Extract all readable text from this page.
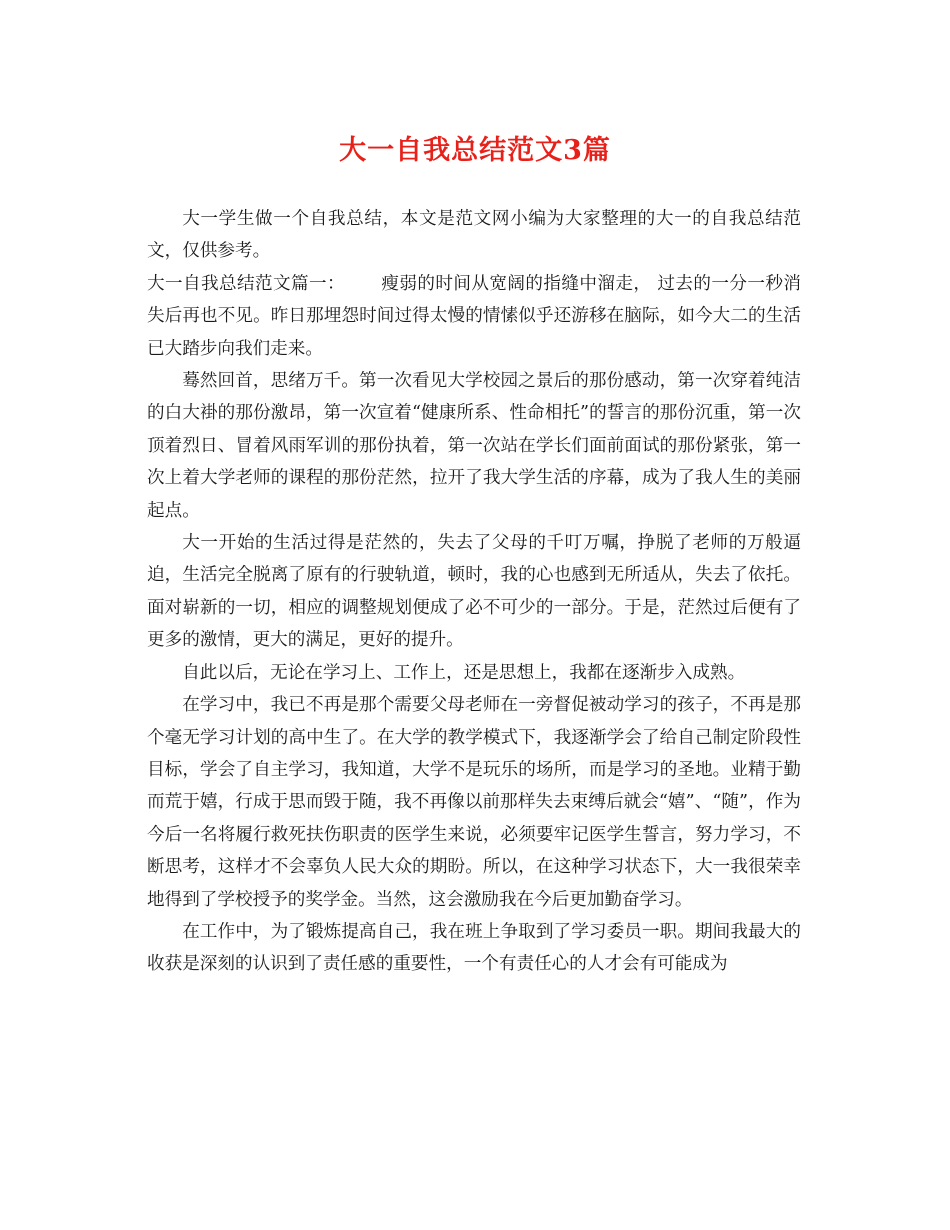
大一自我总结范文3篇

大一学生做一个自我总结，本文是范文网小编为大家整理的大一的自我总结范文，仅供参考。

大一自我总结范文篇一： 瘦弱的时间从宽阔的指缝中溜走， 过去的一分一秒消失后再也不见。昨日那埋怨时间过得太慢的情愫似乎还游移在脑际，如今大二的生活已大踏步向我们走来。

蓦然回首，思绪万千。第一次看见大学校园之景后的那份感动，第一次穿着纯洁的白大褂的那份激昂，第一次宣着“健康所系、性命相托”的誓言的那份沉重，第一次顶着烈日、冒着风雨军训的那份执着，第一次站在学长们面前面试的那份紧张，第一次上着大学老师的课程的那份茫然，拉开了我大学生活的序幕，成为了我人生的美丽起点。

大一开始的生活过得是茫然的，失去了父母的千叮万嘱，挣脱了老师的万般逼迫，生活完全脱离了原有的行驶轨道，顿时，我的心也感到无所适从，失去了依托。面对崭新的一切，相应的调整规划便成了必不可少的一部分。于是，茫然过后便有了更多的激情，更大的满足，更好的提升。

自此以后，无论在学习上、工作上，还是思想上，我都在逐渐步入成熟。

在学习中，我已不再是那个需要父母老师在一旁督促被动学习的孩子，不再是那个毫无学习计划的高中生了。在大学的教学模式下，我逐渐学会了给自己制定阶段性目标，学会了自主学习，我知道，大学不是玩乐的场所，而是学习的圣地。业精于勤而荒于嬉，行成于思而毁于随，我不再像以前那样失去束缚后就会“嬉”、“随”，作为今后一名将履行救死扶伤职责的医学生来说，必须要牢记医学生誓言，努力学习，不断思考，这样才不会辜负人民大众的期盼。所以，在这种学习状态下，大一我很荣幸地得到了学校授予的奖学金。当然，这会激励我在今后更加勤奋学习。

在工作中，为了锻炼提高自己，我在班上争取到了学习委员一职。期间我最大的收获是深刻的认识到了责任感的重要性，一个有责任心的人才会有可能成为
